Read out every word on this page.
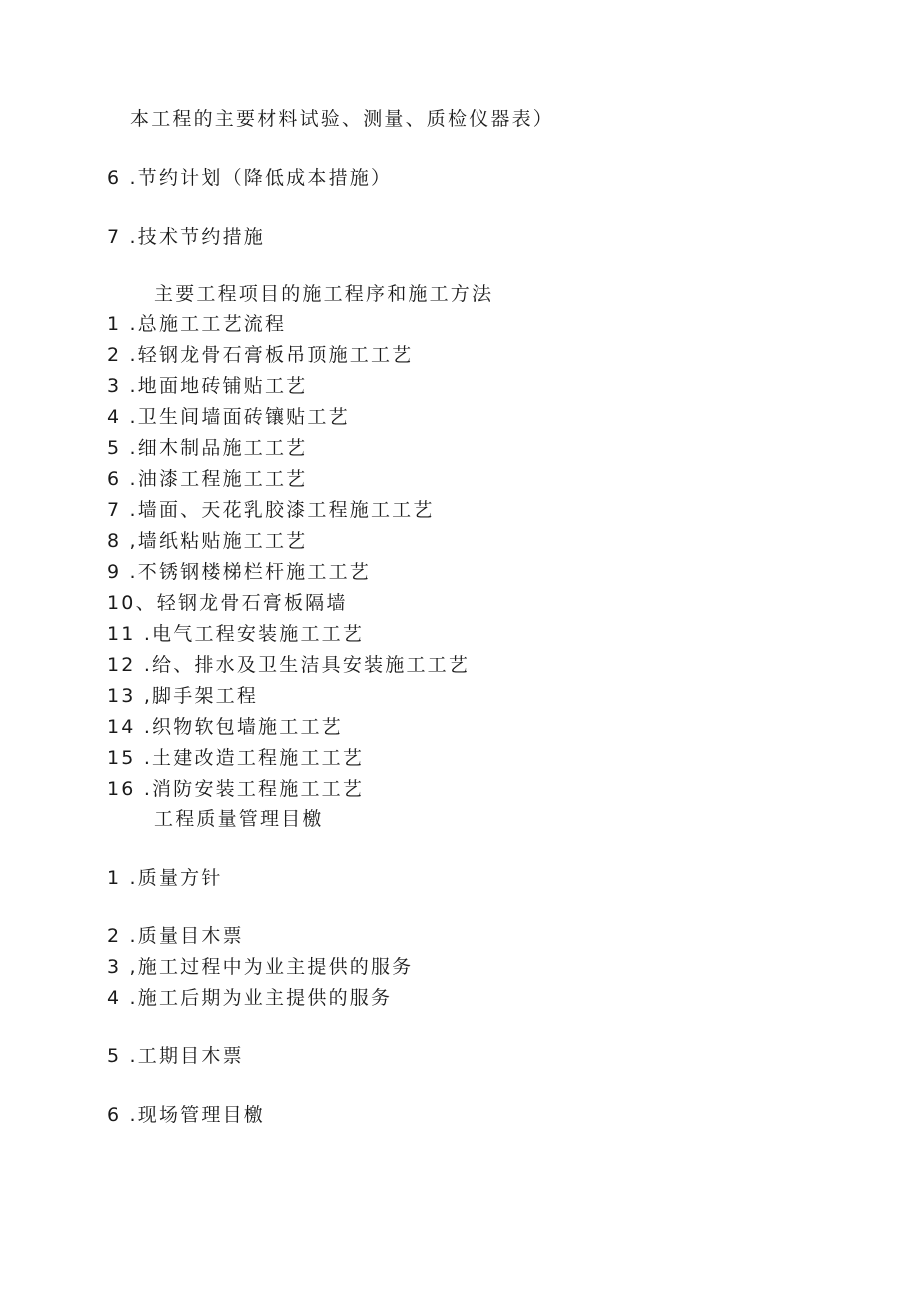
本工程的主要材料试验、测量、质检仪器表）
6 .节约计划（降低成本措施）
7 .技术节约措施
主要工程项目的施工程序和施工方法
1 .总施工工艺流程
2 .轻钢龙骨石膏板吊顶施工工艺
3 .地面地砖铺贴工艺
4 .卫生间墙面砖镶贴工艺
5 .细木制品施工工艺
6 .油漆工程施工工艺
7 .墙面、天花乳胶漆工程施工工艺
8 ,墙纸粘贴施工工艺
9 .不锈钢楼梯栏杆施工工艺
10、轻钢龙骨石膏板隔墙
11 .电气工程安装施工工艺
12 .给、排水及卫生洁具安装施工工艺
13 ,脚手架工程
14 .织物软包墙施工工艺
15 .土建改造工程施工工艺
16 .消防安装工程施工工艺
工程质量管理目檄
1 .质量方针
2 .质量目木票
3 ,施工过程中为业主提供的服务
4 .施工后期为业主提供的服务
5 .工期目木票
6 .现场管理目檄
